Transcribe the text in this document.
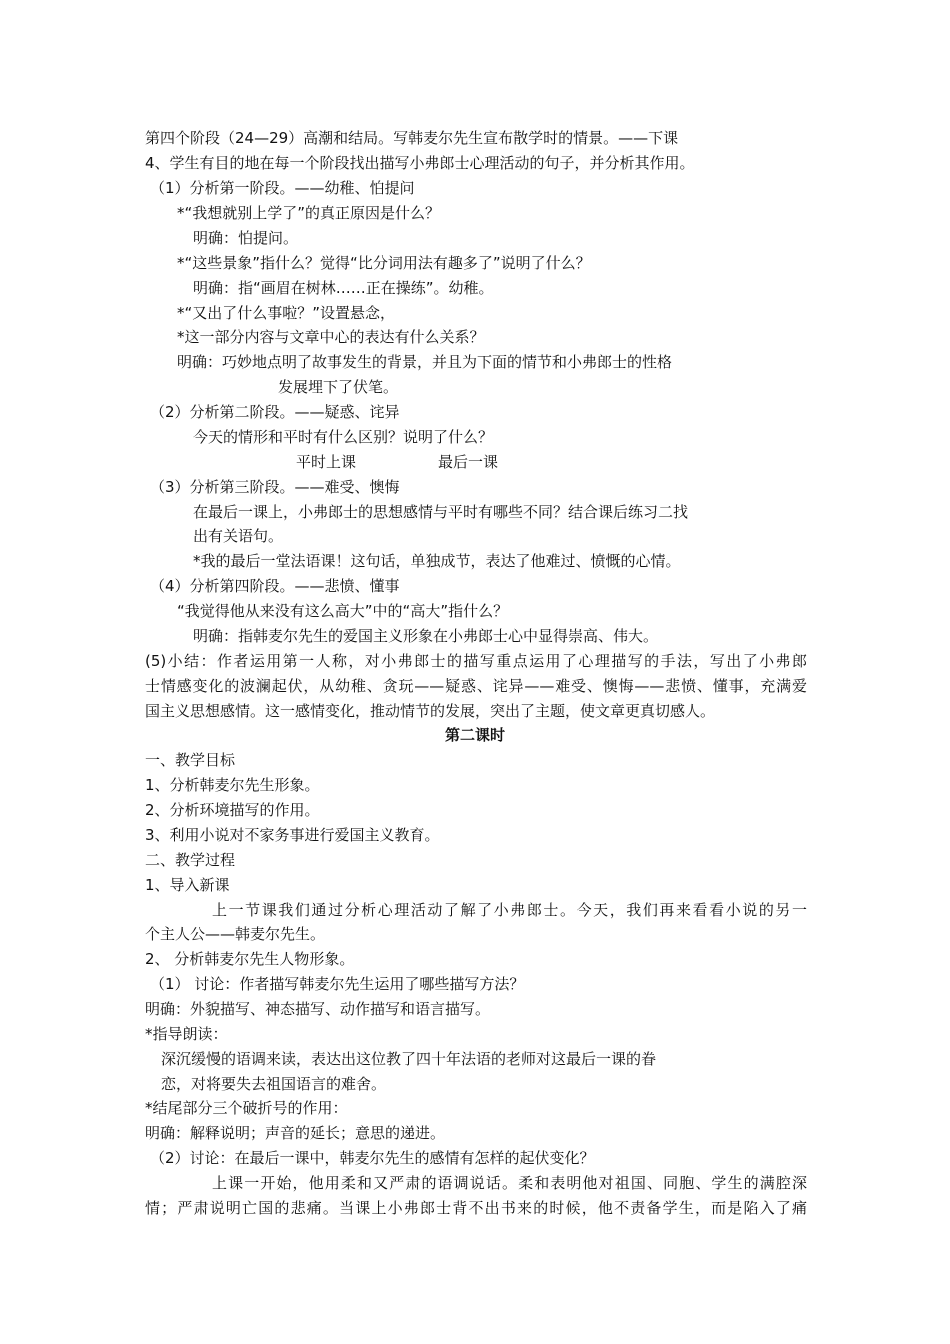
第四个阶段（24—29）高潮和结局。写韩麦尔先生宣布散学时的情景。——下课
4、学生有目的地在每一个阶段找出描写小弗郎士心理活动的句子，并分析其作用。
（1）分析第一阶段。——幼稚、怕提问
*“我想就别上学了”的真正原因是什么？
明确：怕提问。
*“这些景象”指什么？觉得“比分词用法有趣多了”说明了什么？
明确：指“画眉在树林……正在操练”。幼稚。
*“又出了什么事啦？”设置悬念，
*这一部分内容与文章中心的表达有什么关系？
明确：巧妙地点明了故事发生的背景，并且为下面的情节和小弗郎士的性格
发展埋下了伏笔。
（2）分析第二阶段。——疑惑、诧异
今天的情形和平时有什么区别？说明了什么？
平时上课	最后一课
（3）分析第三阶段。——难受、懊悔
在最后一课上，小弗郎士的思想感情与平时有哪些不同？结合课后练习二找
出有关语句。
*我的最后一堂法语课！这句话，单独成节，表达了他难过、愤慨的心情。
（4）分析第四阶段。——悲愤、懂事
“我觉得他从来没有这么高大”中的“高大”指什么？
明确：指韩麦尔先生的爱国主义形象在小弗郎士心中显得崇高、伟大。
(5)小结：作者运用第一人称，对小弗郎士的描写重点运用了心理描写的手法，写出了小弗郎
士情感变化的波澜起伏，从幼稚、贪玩——疑惑、诧异——难受、懊悔——悲愤、懂事，充满爱
国主义思想感情。这一感情变化，推动情节的发展，突出了主题，使文章更真切感人。
第二课时
一、教学目标
1、分析韩麦尔先生形象。
2、分析环境描写的作用。
3、利用小说对不家务事进行爱国主义教育。
二、教学过程
1、导入新课
上一节课我们通过分析心理活动了解了小弗郎士。今天，我们再来看看小说的另一
个主人公——韩麦尔先生。
2、 分析韩麦尔先生人物形象。
（1） 讨论：作者描写韩麦尔先生运用了哪些描写方法？
明确：外貌描写、神态描写、动作描写和语言描写。
*指导朗读：
深沉缓慢的语调来读，表达出这位教了四十年法语的老师对这最后一课的眷
恋，对将要失去祖国语言的难舍。
*结尾部分三个破折号的作用：
明确：解释说明；声音的延长；意思的递进。
（2）讨论：在最后一课中，韩麦尔先生的感情有怎样的起伏变化？
上课一开始，他用柔和又严肃的语调说话。柔和表明他对祖国、同胞、学生的满腔深
情；严肃说明亡国的悲痛。当课上小弗郎士背不出书来的时候，他不责备学生，而是陷入了痛
